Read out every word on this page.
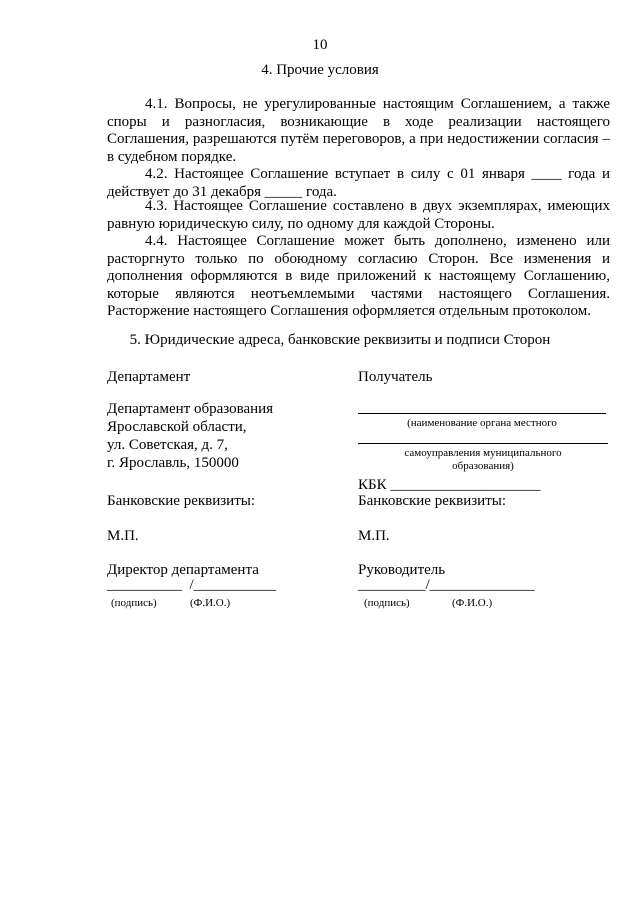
10
4. Прочие условия
4.1. Вопросы, не урегулированные настоящим Соглашением, а также споры и разногласия, возникающие в ходе реализации настоящего Соглашения, разрешаются путём переговоров, а при недостижении согласия – в судебном порядке.
4.2. Настоящее Соглашение вступает в силу с 01 января ____ года и действует до 31 декабря _____ года.
4.3. Настоящее Соглашение составлено в двух экземплярах, имеющих равную юридическую силу, по одному для каждой Стороны.
4.4. Настоящее Соглашение может быть дополнено, изменено или расторгнуто только по обоюдному согласию Сторон. Все изменения и дополнения оформляются в виде приложений к настоящему Соглашению, которые являются неотъемлемыми частями настоящего Соглашения. Расторжение настоящего Соглашения оформляется отдельным протоколом.
5. Юридические адреса, банковские реквизиты и подписи Сторон
Департамент
Департамент образования
Ярославской области,
ул. Советская, д. 7,
г. Ярославль, 150000
Банковские реквизиты:
М.П.
Директор департамента
__________  /___________
(подпись)	(Ф.И.О.)
Получатель
(наименование органа местного
самоуправления муниципального
образования)
КБК ____________________
Банковские реквизиты:
М.П.
Руководитель
_________/______________
(подпись)	(Ф.И.О.)
